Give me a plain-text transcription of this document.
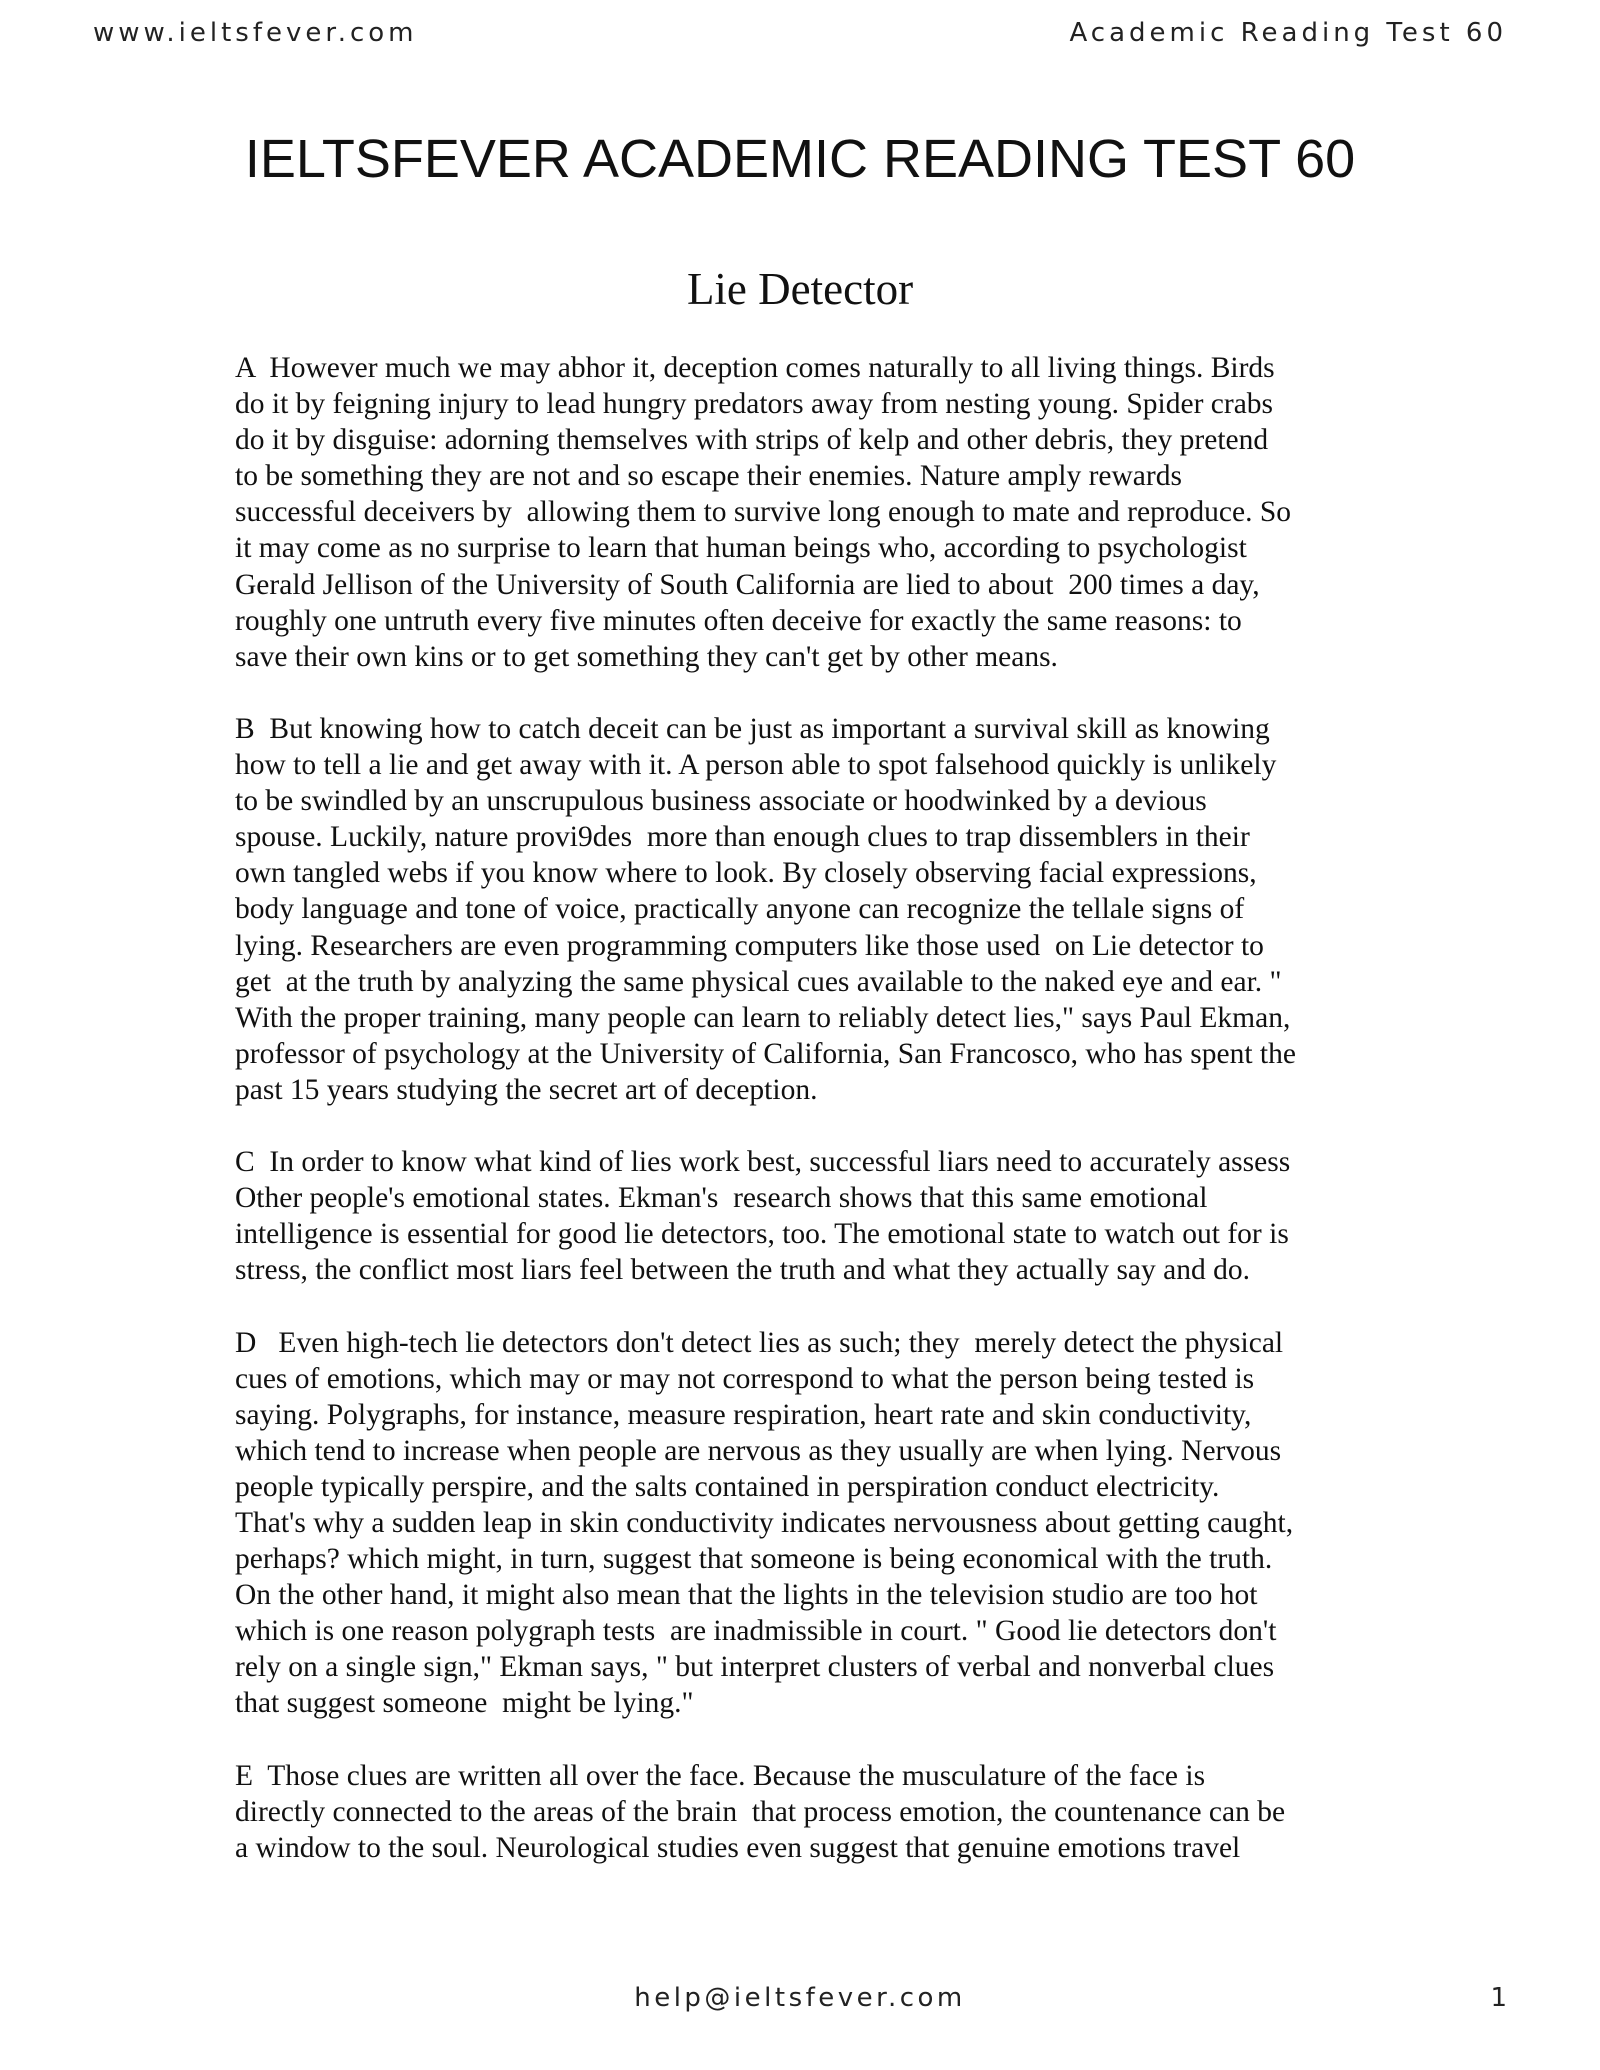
www.ieltsfever.com	Academic Reading Test 60
IELTSFEVER ACADEMIC READING TEST 60
Lie Detector

A  However much we may abhor it, deception comes naturally to all living things. Birds
do it by feigning injury to lead hungry predators away from nesting young. Spider crabs
do it by disguise: adorning themselves with strips of kelp and other debris, they pretend
to be something they are not and so escape their enemies. Nature amply rewards
successful deceivers by  allowing them to survive long enough to mate and reproduce. So
it may come as no surprise to learn that human beings who, according to psychologist
Gerald Jellison of the University of South California are lied to about  200 times a day,
roughly one untruth every five minutes often deceive for exactly the same reasons: to
save their own kins or to get something they can't get by other means.

B  But knowing how to catch deceit can be just as important a survival skill as knowing
how to tell a lie and get away with it. A person able to spot falsehood quickly is unlikely
to be swindled by an unscrupulous business associate or hoodwinked by a devious
spouse. Luckily, nature provi9des  more than enough clues to trap dissemblers in their
own tangled webs if you know where to look. By closely observing facial expressions,
body language and tone of voice, practically anyone can recognize the tellale signs of
lying. Researchers are even programming computers like those used  on Lie detector to
get  at the truth by analyzing the same physical cues available to the naked eye and ear. "
With the proper training, many people can learn to reliably detect lies," says Paul Ekman,
professor of psychology at the University of California, San Francosco, who has spent the
past 15 years studying the secret art of deception.

C  In order to know what kind of lies work best, successful liars need to accurately assess
Other people's emotional states. Ekman's  research shows that this same emotional
intelligence is essential for good lie detectors, too. The emotional state to watch out for is
stress, the conflict most liars feel between the truth and what they actually say and do.

D   Even high-tech lie detectors don't detect lies as such; they  merely detect the physical
cues of emotions, which may or may not correspond to what the person being tested is
saying. Polygraphs, for instance, measure respiration, heart rate and skin conductivity,
which tend to increase when people are nervous as they usually are when lying. Nervous
people typically perspire, and the salts contained in perspiration conduct electricity.
That's why a sudden leap in skin conductivity indicates nervousness about getting caught,
perhaps? which might, in turn, suggest that someone is being economical with the truth.
On the other hand, it might also mean that the lights in the television studio are too hot
which is one reason polygraph tests  are inadmissible in court. " Good lie detectors don't
rely on a single sign," Ekman says, " but interpret clusters of verbal and nonverbal clues
that suggest someone  might be lying."

E  Those clues are written all over the face. Because the musculature of the face is
directly connected to the areas of the brain  that process emotion, the countenance can be
a window to the soul. Neurological studies even suggest that genuine emotions travel

help@ieltsfever.com	1
